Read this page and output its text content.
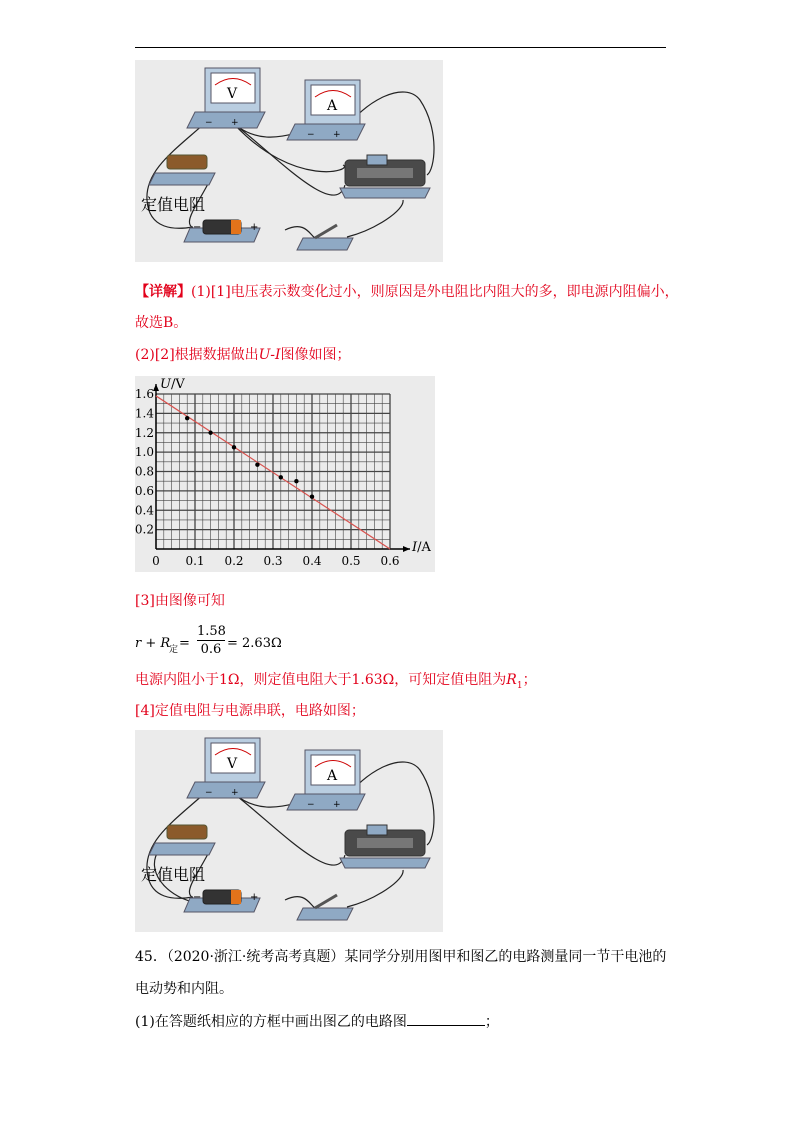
V
− +
A
− +
定值电阻
−	+
【详解】(1)[1]电压表示数变化过小，则原因是外电阻比内阻大的多，即电源内阻偏小，
故选B。
(2)[2]根据数据做出U-I图像如图；
0 0.1 0.2 0.3 0.4 0.5 0.6
0.2
0.4
0.6
0.8
1.0
1.2
1.4
1.6
I/A
U/V
[3]由图像可知
r + R
定 =
1.58
0.6 = 2.63Ω
电源内阻小于1Ω，则定值电阻大于1.63Ω，可知定值电阻为$R_1$；
[4]定值电阻与电源串联，电路如图；
V
− +
A
− +
定值电阻
−	+
45．（2020·浙江·统考高考真题）某同学分别用图甲和图乙的电路测量同一节干电池的
电动势和内阻。
(1)在答题纸相应的方框中画出图乙的电路图	；
